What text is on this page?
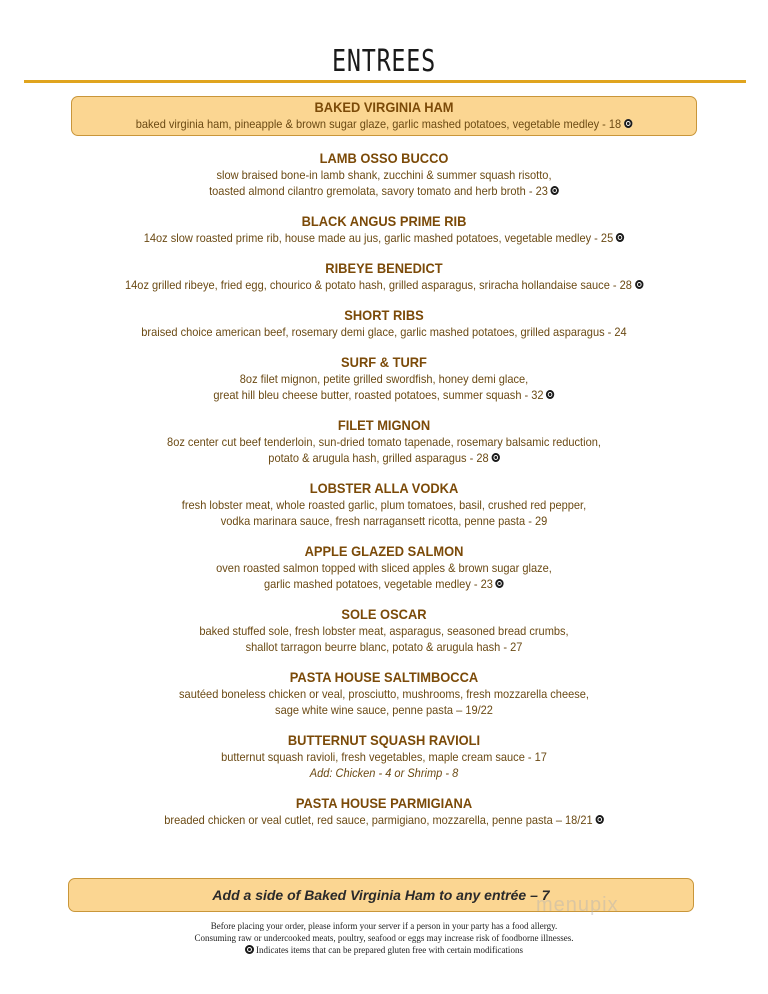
ENTREES
BAKED VIRGINIA HAM
baked virginia ham, pineapple & brown sugar glaze, garlic mashed potatoes, vegetable medley - 18
LAMB OSSO BUCCO
slow braised bone-in lamb shank, zucchini & summer squash risotto,
toasted almond cilantro gremolata, savory tomato and herb broth - 23
BLACK ANGUS PRIME RIB
14oz slow roasted prime rib, house made au jus, garlic mashed potatoes, vegetable medley - 25
RIBEYE BENEDICT
14oz grilled ribeye, fried egg, chourico & potato hash, grilled asparagus, sriracha hollandaise sauce - 28
SHORT RIBS
braised choice american beef, rosemary demi glace, garlic mashed potatoes, grilled asparagus - 24
SURF & TURF
8oz filet mignon, petite grilled swordfish, honey demi glace,
great hill bleu cheese butter, roasted potatoes, summer squash - 32
FILET MIGNON
8oz center cut beef tenderloin, sun-dried tomato tapenade, rosemary balsamic reduction,
potato & arugula hash, grilled asparagus - 28
LOBSTER ALLA VODKA
fresh lobster meat, whole roasted garlic, plum tomatoes, basil, crushed red pepper,
vodka marinara sauce, fresh narragansett ricotta, penne pasta - 29
APPLE GLAZED SALMON
oven roasted salmon topped with sliced apples & brown sugar glaze,
garlic mashed potatoes, vegetable medley - 23
SOLE OSCAR
baked stuffed sole, fresh lobster meat, asparagus, seasoned bread crumbs,
shallot tarragon beurre blanc, potato & arugula hash - 27
PASTA HOUSE SALTIMBOCCA
sautéed boneless chicken or veal, prosciutto, mushrooms, fresh mozzarella cheese,
sage white wine sauce, penne pasta – 19/22
BUTTERNUT SQUASH RAVIOLI
butternut squash ravioli, fresh vegetables, maple cream sauce - 17
Add: Chicken - 4 or Shrimp - 8
PASTA HOUSE PARMIGIANA
breaded chicken or veal cutlet, red sauce, parmigiano, mozzarella, penne pasta – 18/21
Add a side of Baked Virginia Ham to any entrée – 7
menupix
Before placing your order, please inform your server if a person in your party has a food allergy.
Consuming raw or undercooked meats, poultry, seafood or eggs may increase risk of foodborne illnesses.
Indicates items that can be prepared gluten free with certain modifications
